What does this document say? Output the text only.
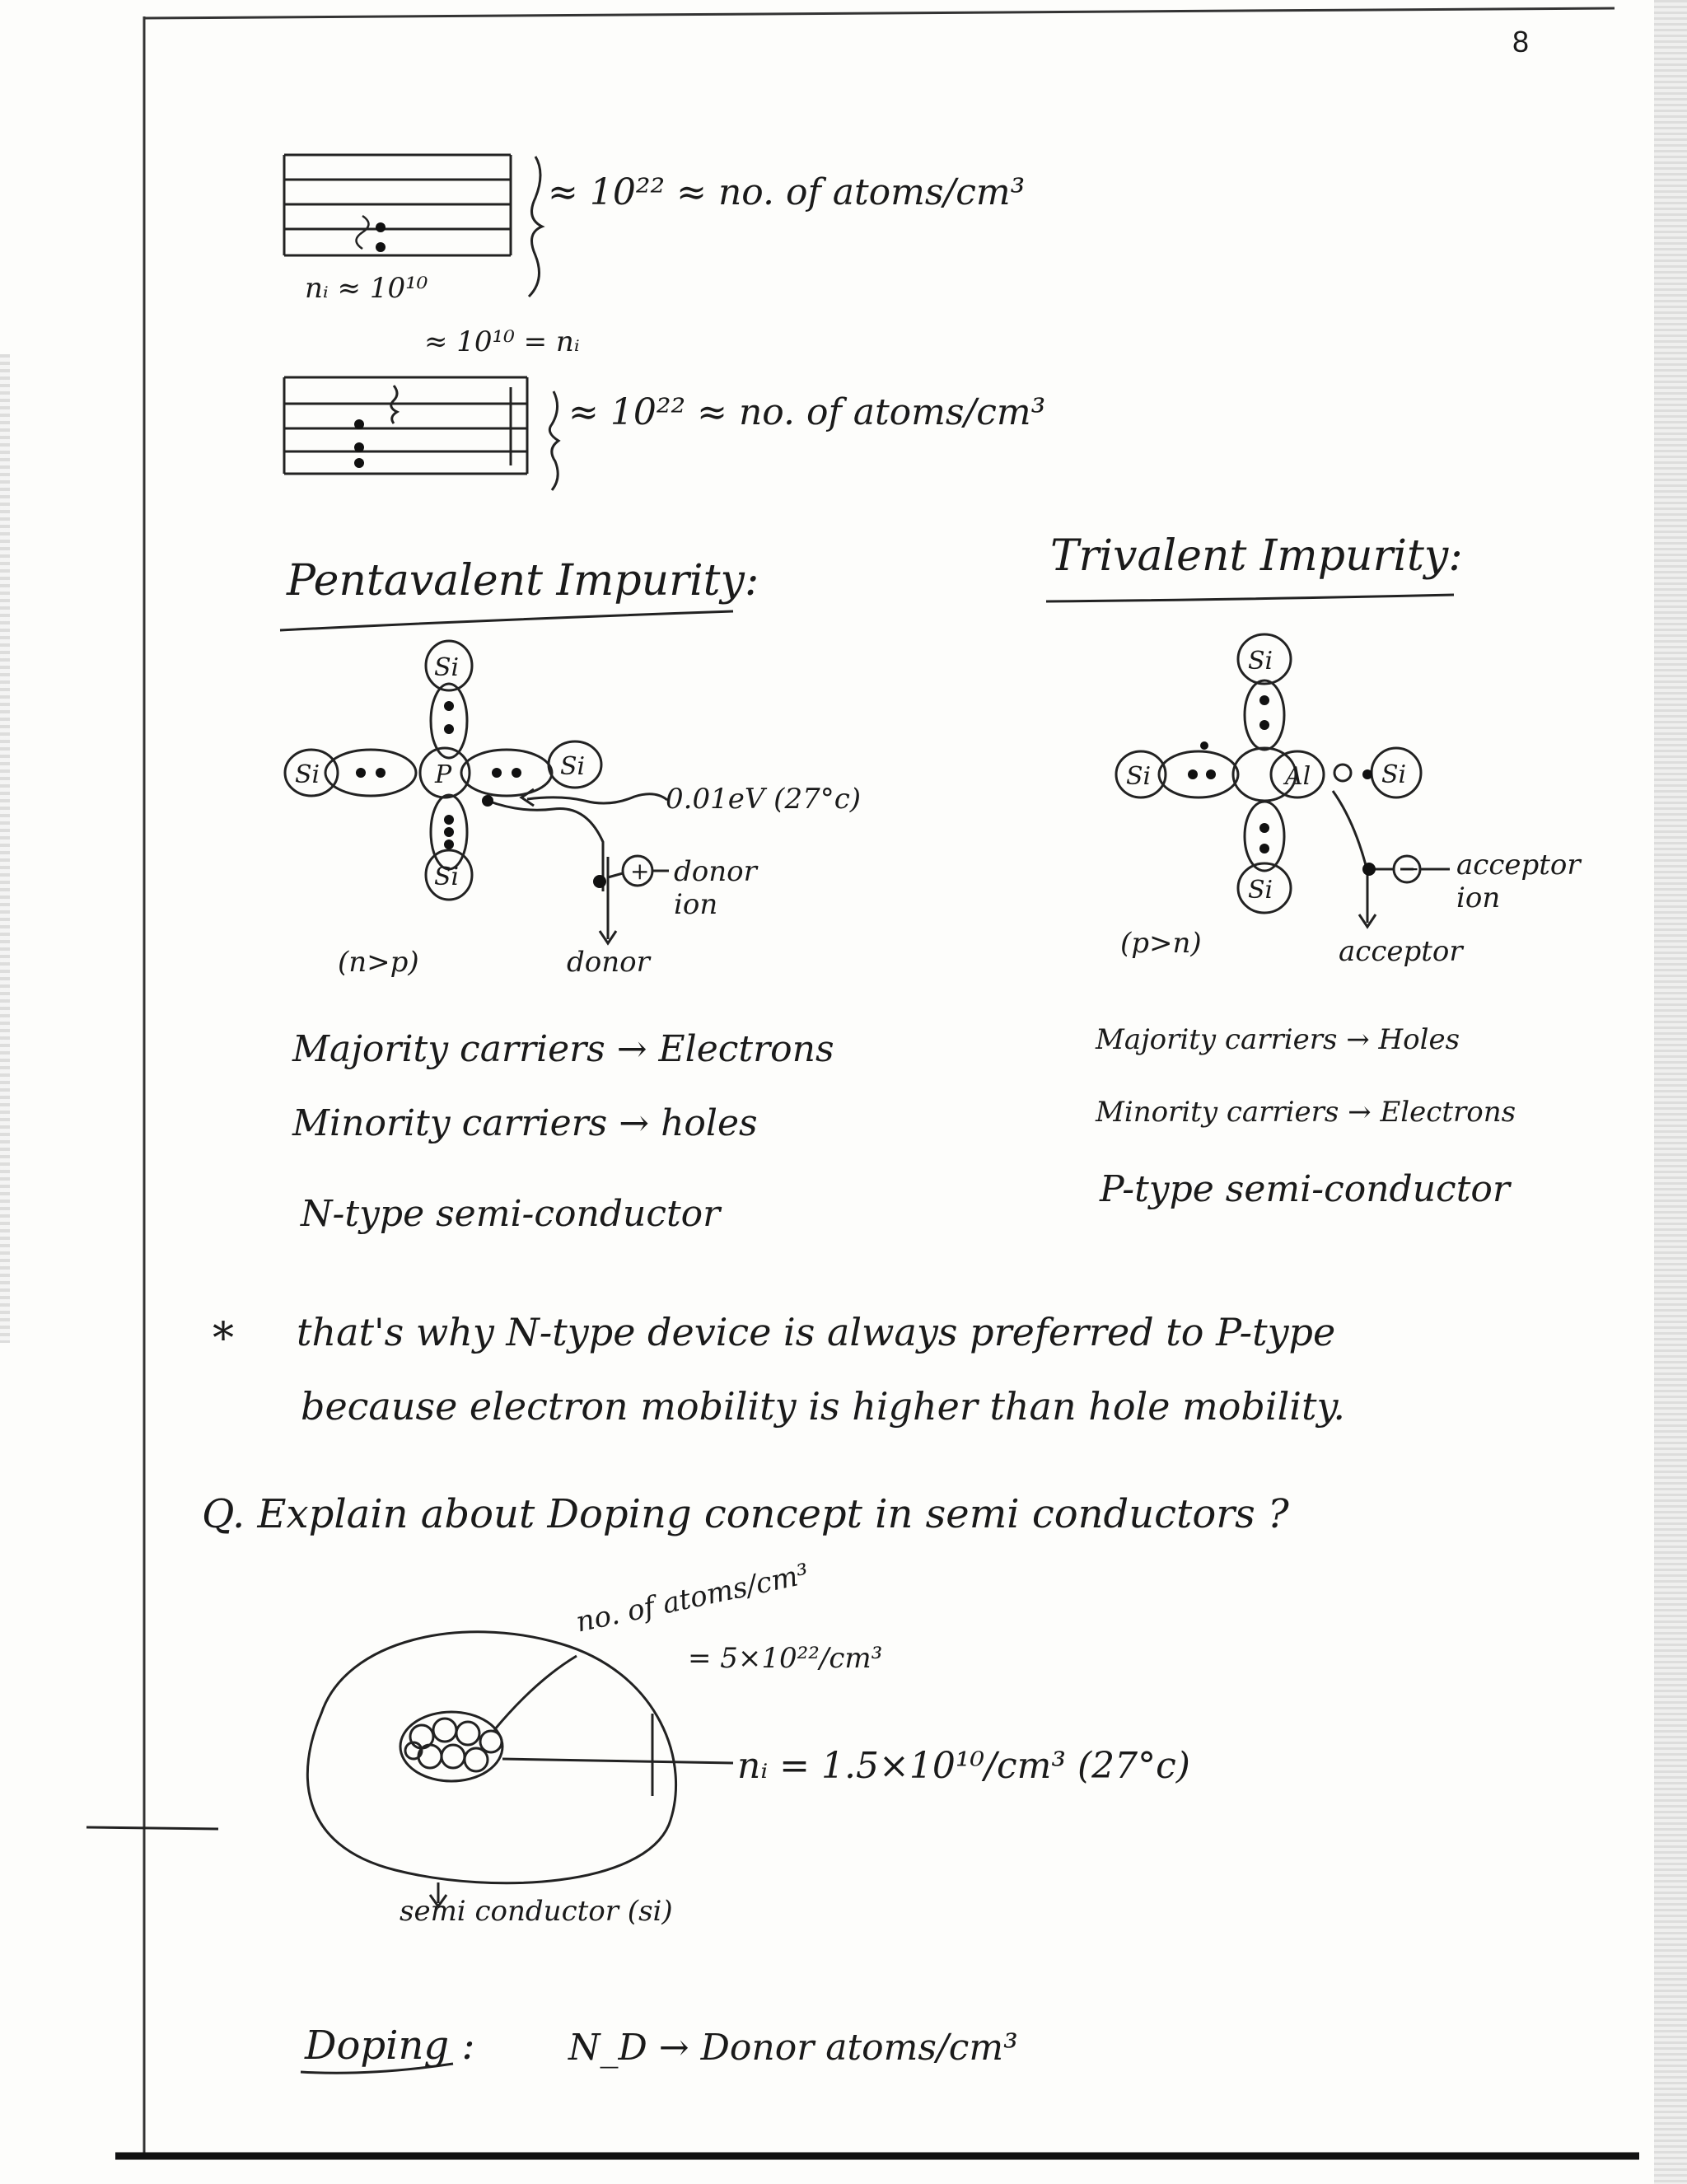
8
≈ 10²² ≈ no. of atoms/cm³
nᵢ ≈ 10¹⁰
≈ 10¹⁰ = nᵢ
≈ 10²² ≈ no. of atoms/cm³
Pentavalent Impurity:
Si
Si	P	Si
Si	+
0.01eV (27°c)
donor ion
(n>p)	donor
Majority carriers → Electrons
Minority carriers → holes
N-type semi-conductor
Trivalent Impurity:
Si
Si	Al	Si
Si
− acceptor ion
(p>n)	acceptor
Majority carriers → Holes
Minority carriers → Electrons
P-type semi-conductor
* that's why N-type device is always preferred to P-type
because electron mobility is higher than hole mobility.
Q. Explain about Doping concept in semi conductors ?
no. of atoms/cm³
= 5×10²²/cm³
nᵢ = 1.5×10¹⁰/cm³ (27°c)
semi conductor (si)
Doping :	N_D → Donor atoms/cm³
